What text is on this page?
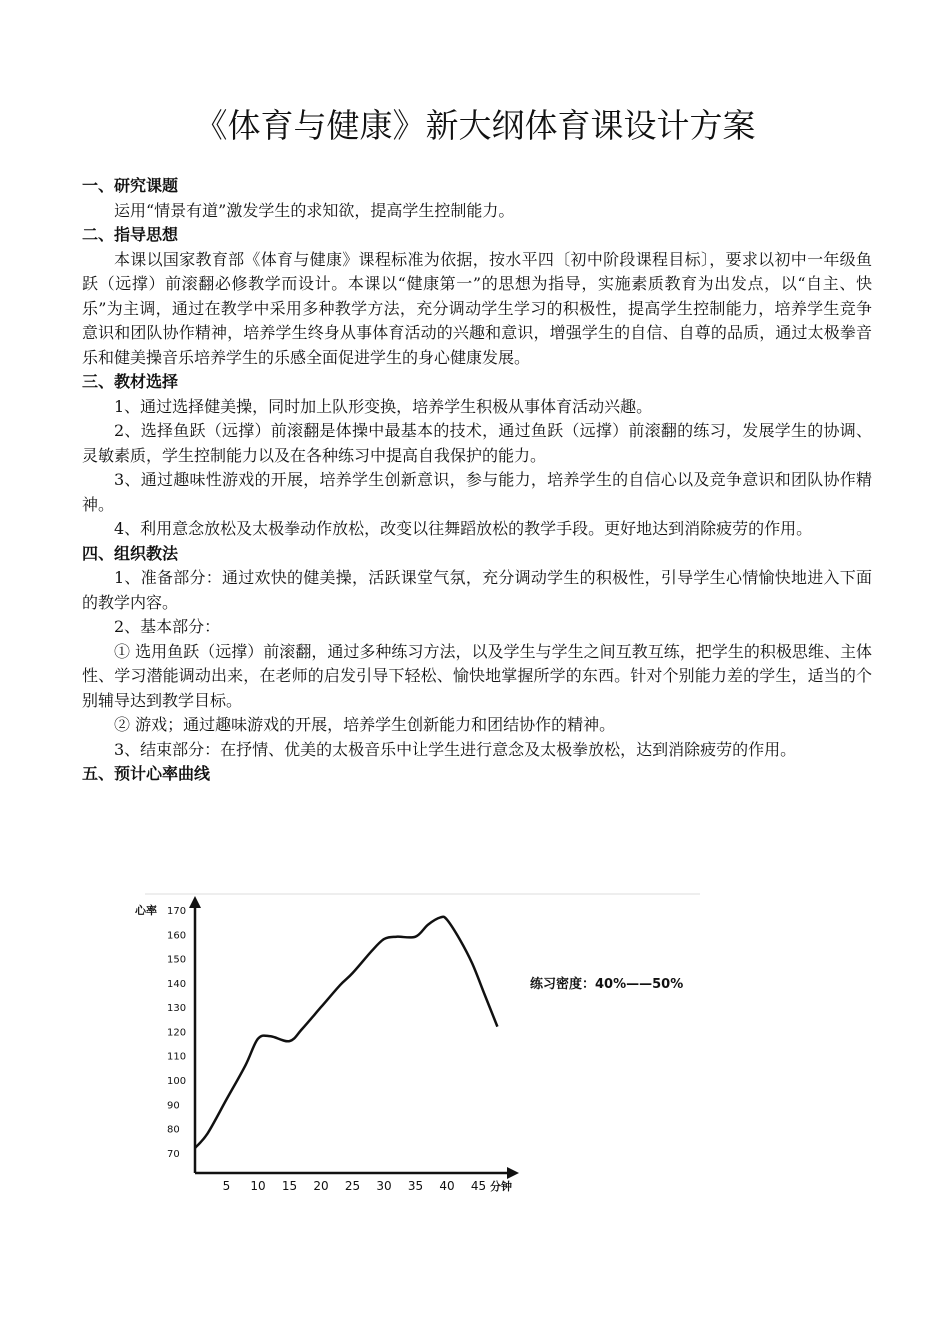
《体育与健康》新大纲体育课设计方案
一、研究课题

运用“情景有道”激发学生的求知欲，提高学生控制能力。

二、指导思想

本课以国家教育部《体育与健康》课程标准为依据，按水平四〔初中阶段课程目标〕，要求以初中一年级鱼跃（远撑）前滚翻必修教学而设计。本课以“健康第一”的思想为指导，实施素质教育为出发点，以“自主、快乐”为主调，通过在教学中采用多种教学方法，充分调动学生学习的积极性，提高学生控制能力，培养学生竞争意识和团队协作精神，培养学生终身从事体育活动的兴趣和意识，增强学生的自信、自尊的品质，通过太极拳音乐和健美操音乐培养学生的乐感全面促进学生的身心健康发展。

三、教材选择

1、通过选择健美操，同时加上队形变换，培养学生积极从事体育活动兴趣。

2、选择鱼跃（远撑）前滚翻是体操中最基本的技术，通过鱼跃（远撑）前滚翻的练习，发展学生的协调、灵敏素质，学生控制能力以及在各种练习中提高自我保护的能力。

3、通过趣味性游戏的开展，培养学生创新意识，参与能力，培养学生的自信心以及竞争意识和团队协作精神。

4、利用意念放松及太极拳动作放松，改变以往舞蹈放松的教学手段。更好地达到消除疲劳的作用。

四、组织教法

1、准备部分：通过欢快的健美操，活跃课堂气氛，充分调动学生的积极性，引导学生心情愉快地进入下面的教学内容。

2、基本部分：

① 选用鱼跃（远撑）前滚翻，通过多种练习方法，以及学生与学生之间互教互练，把学生的积极思维、主体性、学习潜能调动出来，在老师的启发引导下轻松、愉快地掌握所学的东西。针对个别能力差的学生，适当的个别辅导达到教学目标。

② 游戏；通过趣味游戏的开展，培养学生创新能力和团结协作的精神。

3、结束部分：在抒情、优美的太极音乐中让学生进行意念及太极拳放松，达到消除疲劳的作用。

五、预计心率曲线
心率
分钟
练习密度：40%——50%
70
80
90
100
110
120
130
140
150
160
170
5 10 15 20 25 30 35 40 45
